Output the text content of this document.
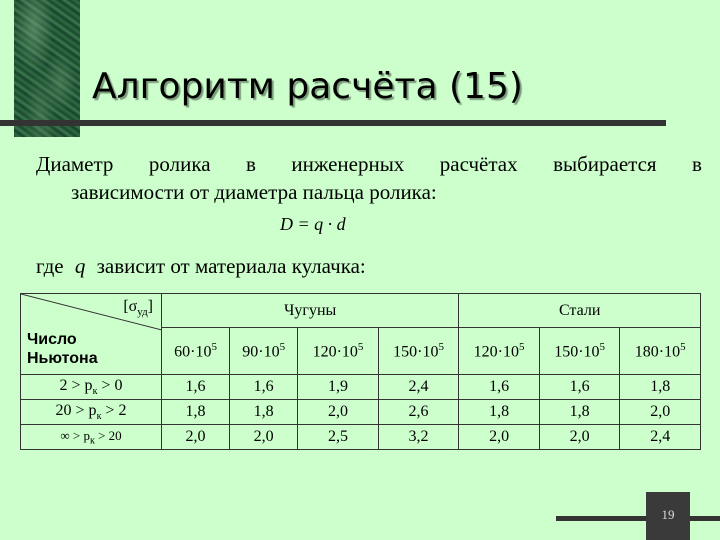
Алгоритм расчёта (15)
Диаметр ролика в инженерных расчётах выбирается в
зависимости от диаметра пальца ролика:
D = q · d
где q зависит от материала кулачка:
$[\sigma_{уд}]$
Число
Ньютона	Чугуны				Стали		
	$60\cdot 10^5$	$90\cdot 10^5$	$120\cdot 10^5$	$150\cdot 10^5$	$120\cdot 10^5$	$150\cdot 10^5$	$180\cdot 10^5$
$2 > p_к > 0$	1,6	1,6	1,9	2,4	1,6	1,6	1,8
$20 > p_к > 2$	1,8	1,8	2,0	2,6	1,8	1,8	2,0
∞ > $p_к > 20$	2,0	2,0	2,5	3,2	2,0	2,0	2,4
19
